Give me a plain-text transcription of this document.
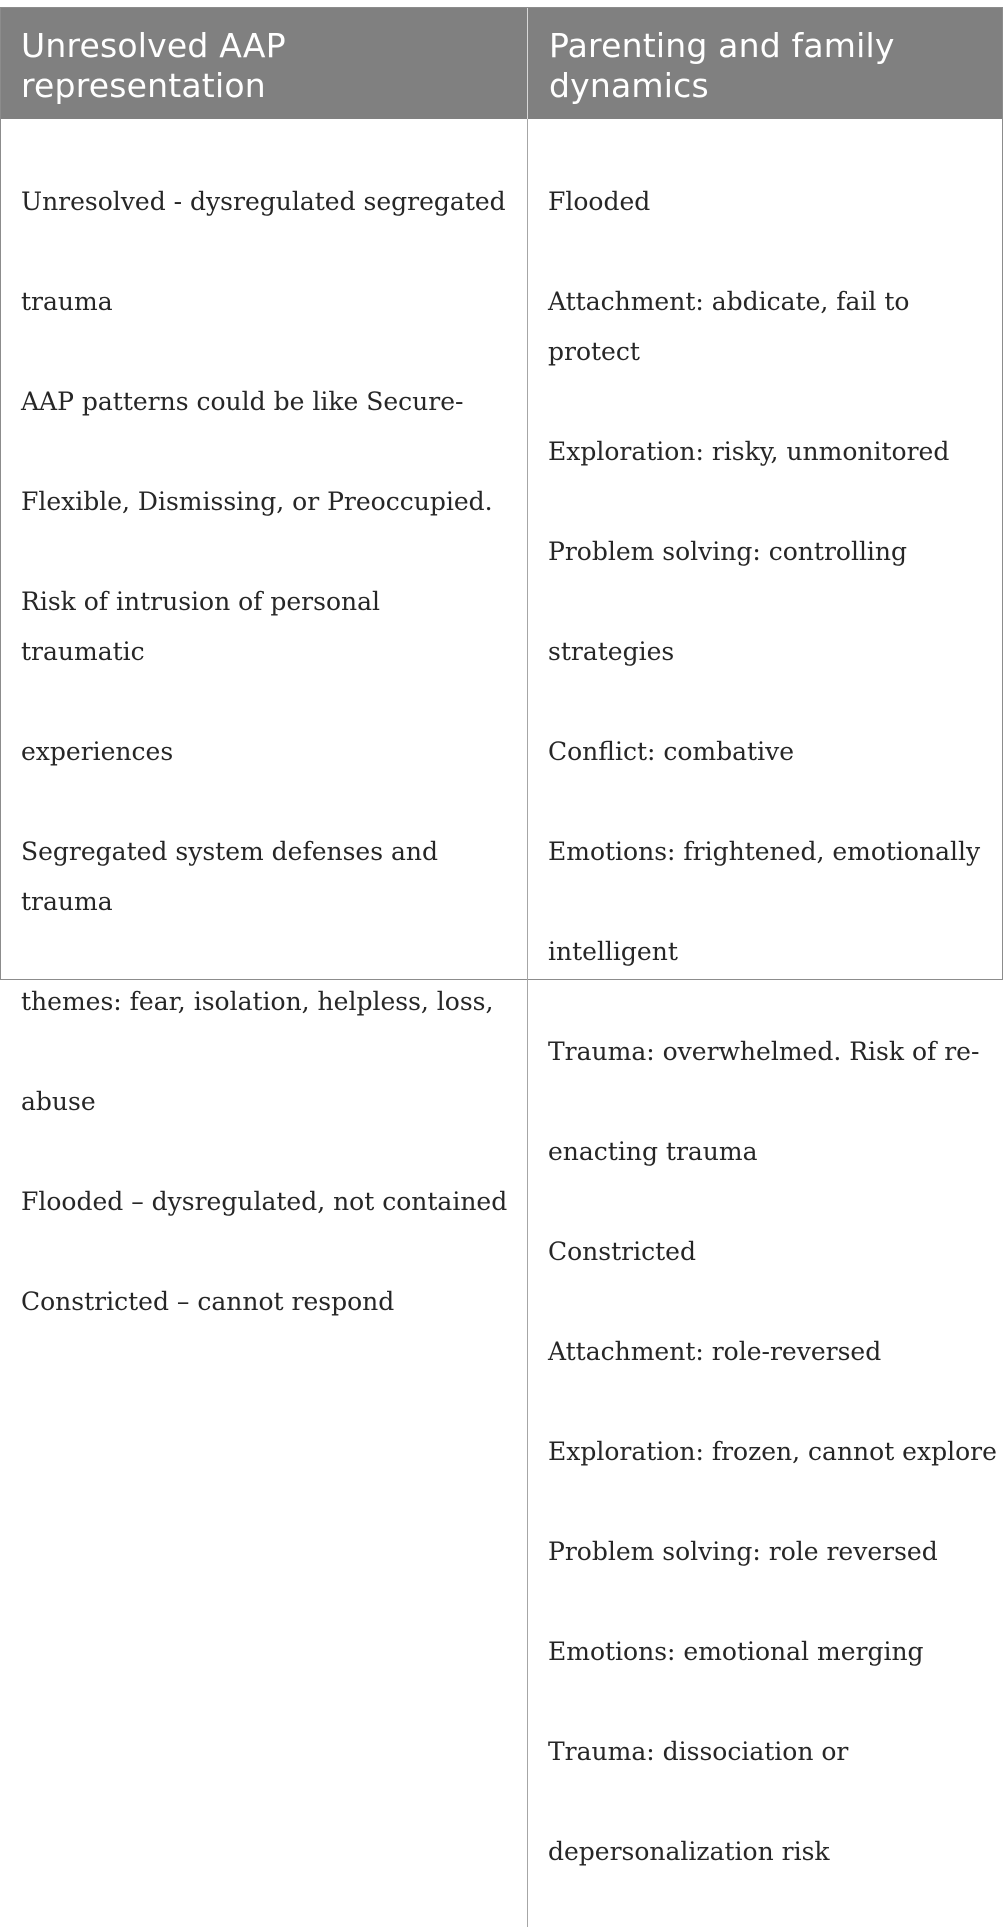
Unresolved AAP
representation
Parenting and family
dynamics

Unresolved - dysregulated segregated

trauma

AAP patterns could be like Secure-

Flexible, Dismissing, or Preoccupied.

Risk of intrusion of personal traumatic

experiences

Segregated system defenses and trauma

themes: fear, isolation, helpless, loss,

abuse

Flooded – dysregulated, not contained

Constricted – cannot respond

Flooded

Attachment: abdicate, fail to protect

Exploration: risky, unmonitored

Problem solving: controlling

strategies

Conflict: combative

Emotions: frightened, emotionally

intelligent

Trauma: overwhelmed. Risk of re-

enacting trauma

Constricted

Attachment: role-reversed

Exploration: frozen, cannot explore

Problem solving: role reversed

Emotions: emotional merging

Trauma: dissociation or

depersonalization risk
